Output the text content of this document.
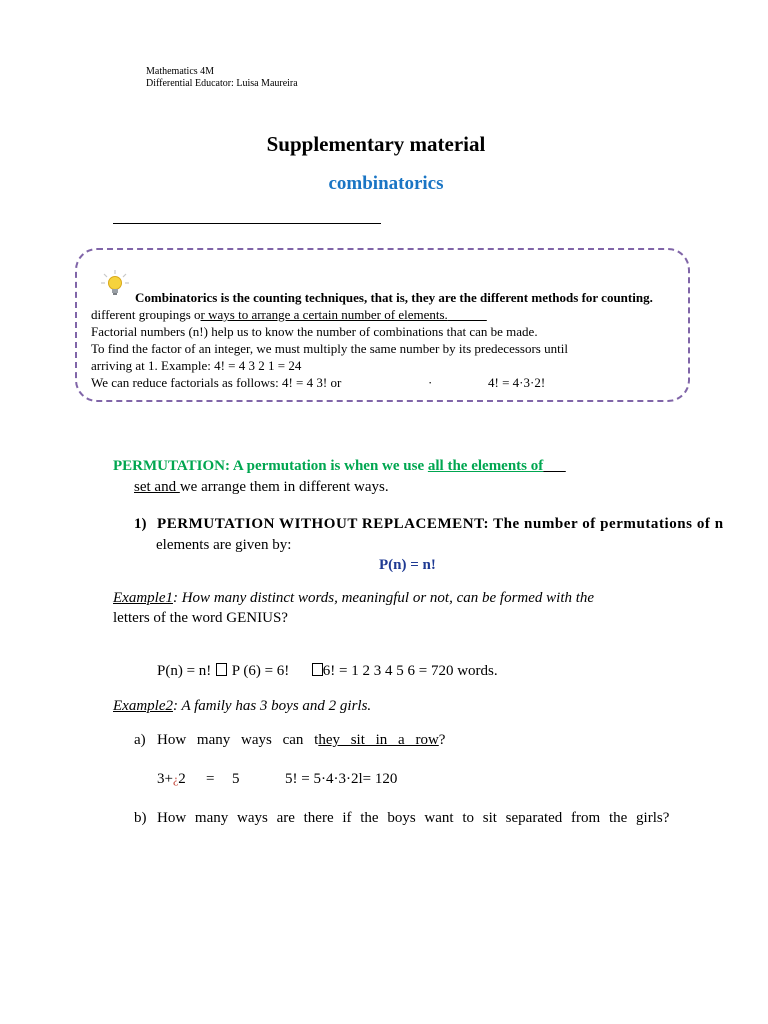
Mathematics 4M
Differential Educator: Luisa Maureira
Supplementary material
combinatorics
Combinatorics is the counting techniques, that is, they are the different methods for counting.
different groupings or ways to arrange a certain number of elements.
Factorial numbers (n!) help us to know the number of combinations that can be made.
To find the factor of an integer, we must multiply the same number by its predecessors until
arriving at 1. Example: 4! = 4 3 2 1 = 24
We can reduce factorials as follows: 4! = 4 3! or	·	4! = 4·3·2!
PERMUTATION: A permutation is when we use all the elements of
set and we arrange them in different ways.
1) PERMUTATION WITHOUT REPLACEMENT: The number of permutations of n
elements are given by:
P(n) = n!
Example1: How many distinct words, meaningful or not, can be formed with the
letters of the word GENIUS?
P(n) = n! P (6) = 6! 6! = 1 2 3 4 5 6 = 720 words.
Example2: A family has 3 boys and 2 girls.
a) How many ways can they sit in a row?
3+¿2 = 5	5! = 5·4·3·2l= 120
b) How many ways are there if the boys want to sit separated from the girls?
